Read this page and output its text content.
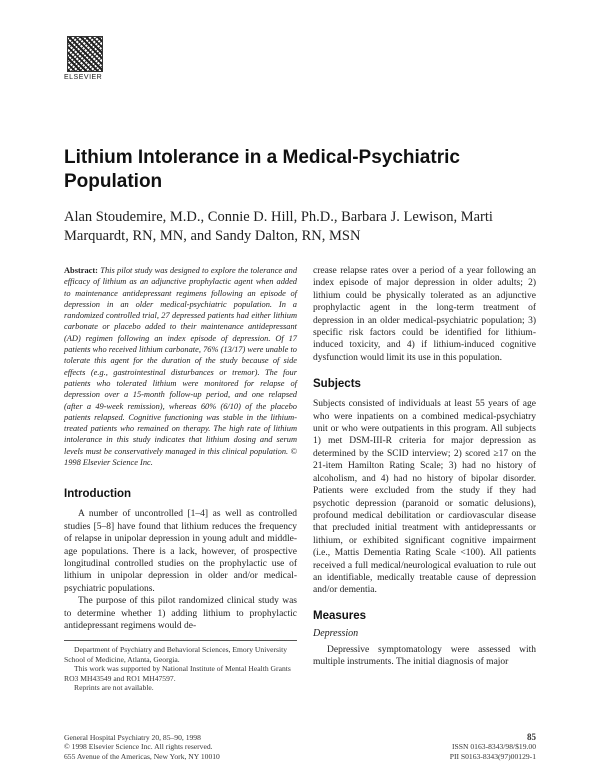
ELSEVIER
Lithium Intolerance in a Medical-Psychiatric Population

Alan Stoudemire, M.D., Connie D. Hill, Ph.D., Barbara J. Lewison, Marti Marquardt, RN, MN, and Sandy Dalton, RN, MSN

Abstract: This pilot study was designed to explore the tolerance and efficacy of lithium as an adjunctive prophylactic agent when added to maintenance antidepressant regimens following an episode of depression in an older medical-psychiatric population. In a randomized controlled trial, 27 depressed patients had either lithium carbonate or placebo added to their maintenance antidepressant (AD) regimen following an index episode of depression. Of 17 patients who received lithium carbonate, 76% (13/17) were unable to tolerate this agent for the duration of the study because of side effects (e.g., gastrointestinal disturbances or tremor). The four patients who tolerated lithium were monitored for relapse of depression over a 15-month follow-up period, and one relapsed (after a 49-week remission), whereas 60% (6/10) of the placebo patients relapsed. Cognitive functioning was stable in the lithium-treated patients who remained on therapy. The high rate of lithium intolerance in this study indicates that lithium dosing and serum levels must be conservatively managed in this clinical population. © 1998 Elsevier Science Inc.

Introduction

A number of uncontrolled [1–4] as well as controlled studies [5–8] have found that lithium reduces the frequency of relapse in unipolar depression in young adult and middle-age populations. There is a lack, however, of prospective longitudinal controlled studies on the prophylactic use of lithium in unipolar depression in older and/or medical-psychiatric populations.

The purpose of this pilot randomized clinical study was to determine whether 1) adding lithium to prophylactic antidepressant regimens would de-

crease relapse rates over a period of a year following an index episode of major depression in older adults; 2) lithium could be physically tolerated as an adjunctive prophylactic agent in the long-term treatment of depression in an older medical-psychiatric population; 3) specific risk factors could be identified for lithium-induced toxicity, and 4) if lithium-induced cognitive dysfunction would limit its use in this population.

Subjects

Subjects consisted of individuals at least 55 years of age who were inpatients on a combined medical-psychiatry unit or who were outpatients in this program. All subjects 1) met DSM-III-R criteria for major depression as determined by the SCID interview; 2) scored ≥17 on the 21-item Hamilton Rating Scale; 3) had no history of alcoholism, and 4) had no history of bipolar disorder. Patients were excluded from the study if they had psychotic depression (paranoid or somatic delusions), profound medical debilitation or cardiovascular disease that precluded initial treatment with antidepressants or lithium, or exhibited significant cognitive impairment (i.e., Mattis Dementia Rating Scale <100). All patients received a full medical/neurological evaluation to rule out an identifiable, medically treatable cause of depression and/or dementia.

Measures
Depression

Depressive symptomatology were assessed with multiple instruments. The initial diagnosis of major

Department of Psychiatry and Behavioral Sciences, Emory University School of Medicine, Atlanta, Georgia.

This work was supported by National Institute of Mental Health Grants RO3 MH43549 and RO1 MH47597.

Reprints are not available.

General Hospital Psychiatry 20, 85–90, 1998
© 1998 Elsevier Science Inc. All rights reserved.
655 Avenue of the Americas, New York, NY 10010
85
ISSN 0163-8343/98/$19.00
PII S0163-8343(97)00129-1
